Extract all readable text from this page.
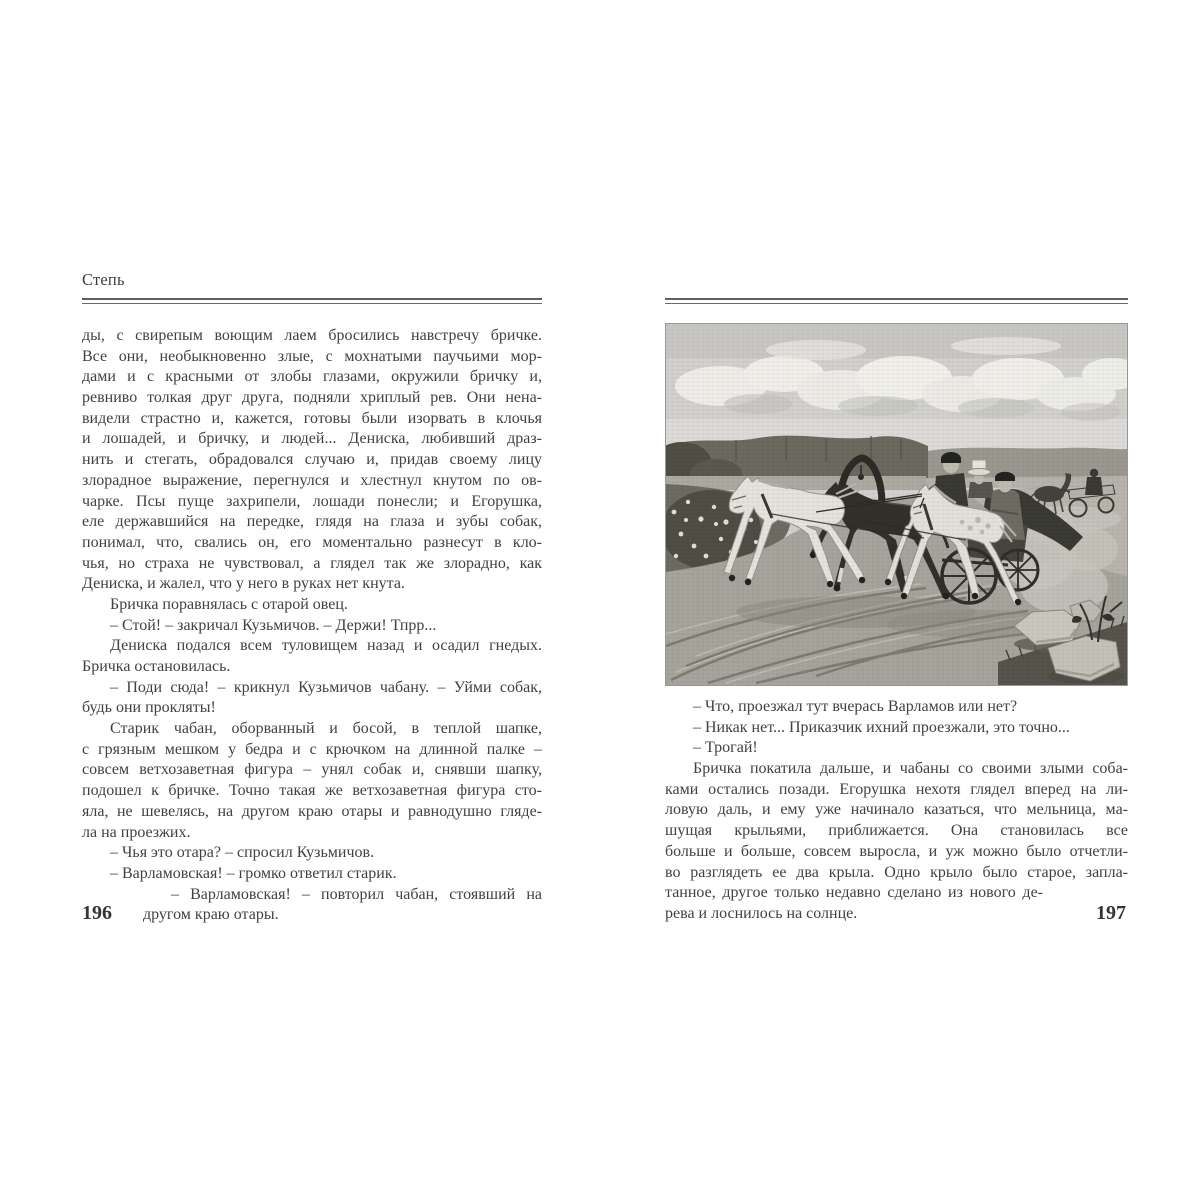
Степь
ды, с свирепым воющим лаем бросились навстречу бричке.
Все они, необыкновенно злые, с мохнатыми паучьими мор-
дами и с красными от злобы глазами, окружили бричку и,
ревниво толкая друг друга, подняли хриплый рев. Они нена-
видели страстно и, кажется, готовы были изорвать в клочья
и лошадей, и бричку, и людей... Дениска, любивший драз-
нить и стегать, обрадовался случаю и, придав своему лицу
злорадное выражение, перегнулся и хлестнул кнутом по ов-
чарке. Псы пуще захрипели, лошади понесли; и Егорушка,
еле державшийся на передке, глядя на глаза и зубы собак,
понимал, что, свались он, его моментально разнесут в кло-
чья, но страха не чувствовал, а глядел так же злорадно, как
Дениска, и жалел, что у него в руках нет кнута.
Бричка поравнялась с отарой овец.
– Стой! – закричал Кузьмичов. – Держи! Тпрр...
Дениска подался всем туловищем назад и осадил гнедых.
Бричка остановилась.
– Поди сюда! – крикнул Кузьмичов чабану. – Уйми собак,
будь они прокляты!
Старик чабан, оборванный и босой, в теплой шапке,
с грязным мешком у бедра и с крючком на длинной палке –
совсем ветхозаветная фигура – унял собак и, снявши шапку,
подошел к бричке. Точно такая же ветхозаветная фигура сто-
яла, не шевелясь, на другом краю отары и равнодушно гляде-
ла на проезжих.
– Чья это отара? – спросил Кузьмичов.
– Варламовская! – громко ответил старик.
– Варламовская! – повторил чабан, стоявший на
другом краю отары.
– Что, проезжал тут вчерась Варламов или нет?
– Никак нет... Приказчик ихний проезжали, это точно...
– Трогай!
Бричка покатила дальше, и чабаны со своими злыми соба-
ками остались позади. Егорушка нехотя глядел вперед на ли-
ловую даль, и ему уже начинало казаться, что мельница, ма-
шущая крыльями, приближается. Она становилась все
больше и больше, совсем выросла, и уж можно было отчетли-
во разглядеть ее два крыла. Одно крыло было старое, запла-
танное, другое только недавно сделано из нового де-
рева и лоснилось на солнце.
196	197
